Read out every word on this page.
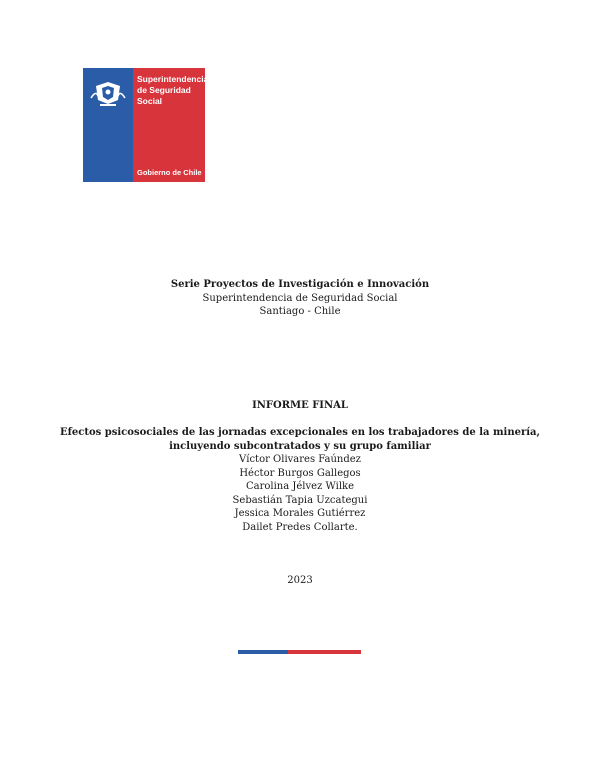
Superintendencia
de Seguridad
Social
Gobierno de Chile
Serie Proyectos de Investigación e Innovación
Superintendencia de Seguridad Social
Santiago - Chile
INFORME FINAL
Efectos psicosociales de las jornadas excepcionales en los trabajadores de la minería,
incluyendo subcontratados y su grupo familiar
Víctor Olivares Faúndez
Héctor Burgos Gallegos
Carolina Jélvez Wilke
Sebastián Tapia Uzcategui
Jessica Morales Gutiérrez
Dailet Predes Collarte.
2023
